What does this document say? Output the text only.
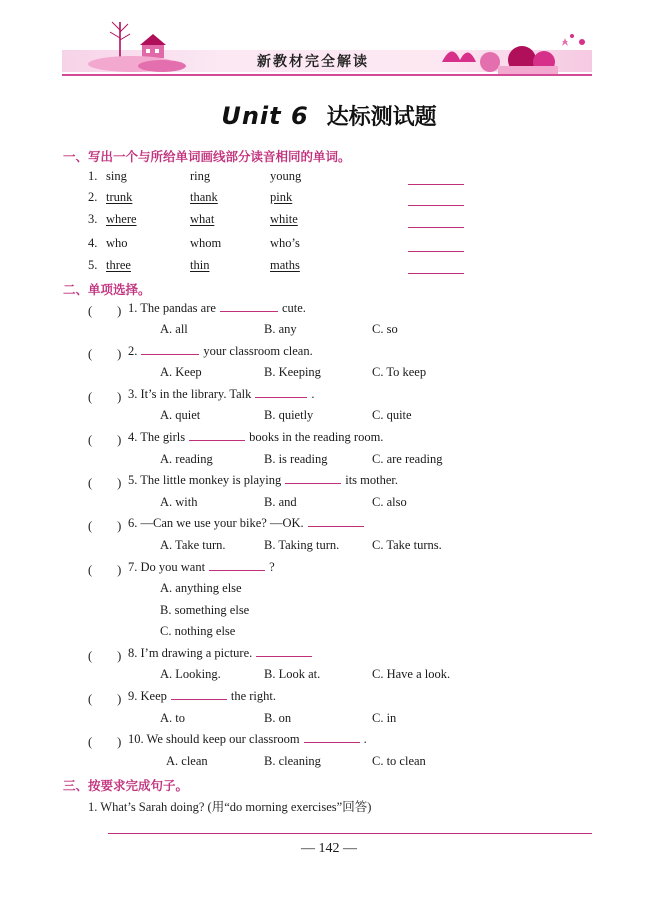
新教材完全解读
Unit 6 达标测试题
一、写出一个与所给单词画线部分读音相同的单词。
1. sing	ring	young
2. trunk	thank	pink
3. where	what	white
4. who	whom	who’s
5. three	thin	maths
二、单项选择。
(　　) 1. The pandas are	cute.
A. all	B. any	C. so
(　　) 2.	your classroom clean.
A. Keep	B. Keeping	C. To keep
(　　) 3. It’s in the library. Talk	.
A. quiet	B. quietly	C. quite
(　　) 4. The girls	books in the reading room.
A. reading	B. is reading	C. are reading
(　　) 5. The little monkey is playing	its mother.
A. with	B. and	C. also
(　　) 6. —Can we use your bike? —OK.
A. Take turn.	B. Taking turn.	C. Take turns.
(　　) 7. Do you want	?
A. anything else
B. something else
C. nothing else
(　　) 8. I’m drawing a picture.
A. Looking.	B. Look at.	C. Have a look.
(　　) 9. Keep	the right.
A. to	B. on	C. in
(　　) 10. We should keep our classroom	.
A. clean	B. cleaning	C. to clean
三、按要求完成句子。
1. What’s Sarah doing? (用“do morning exercises”回答)
— 142 —
